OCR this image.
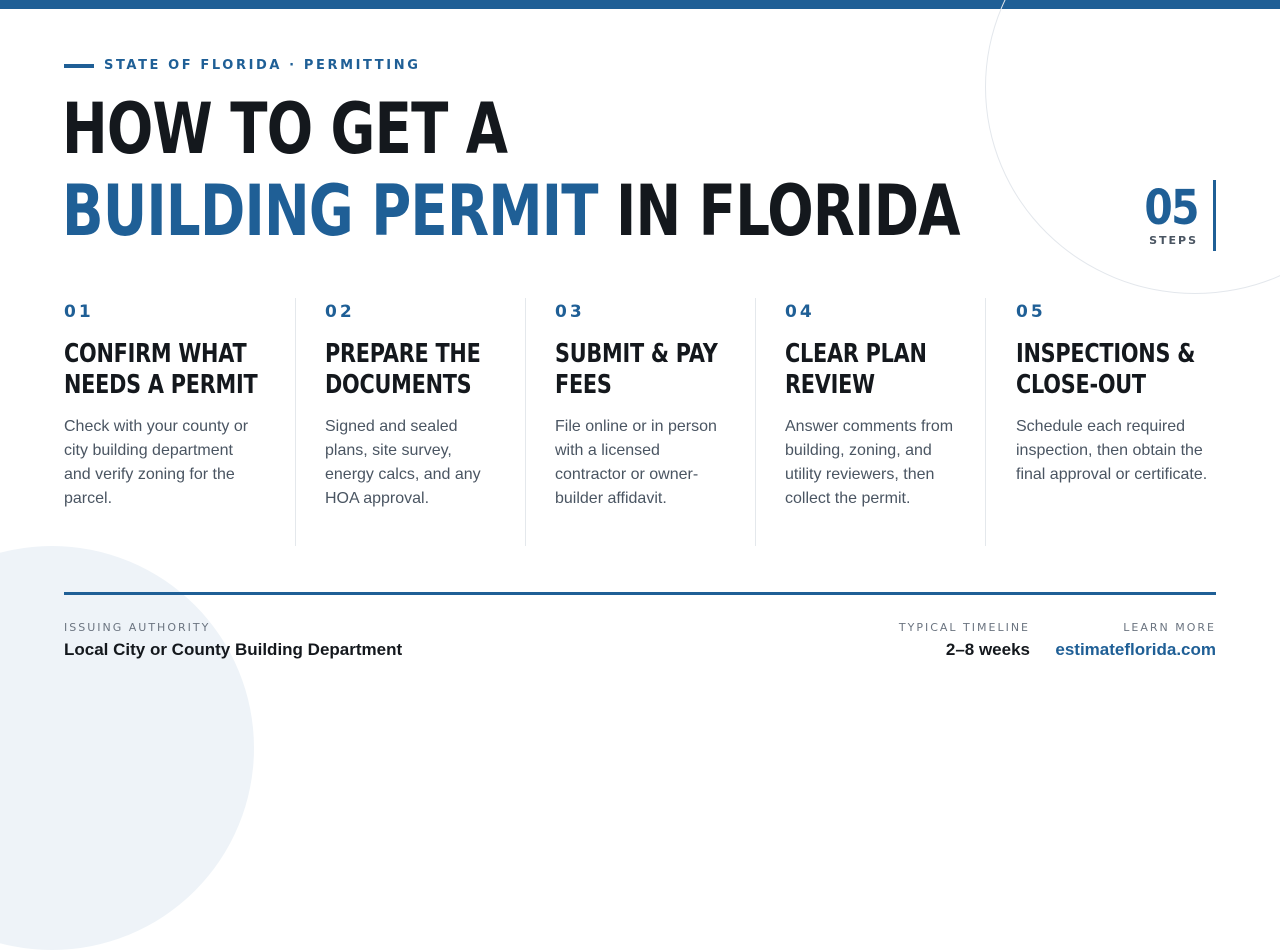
STATE OF FLORIDA · PERMITTING
HOW TO GET A
BUILDING PERMIT IN FLORIDA	05
STEPS
01
CONFIRM WHAT
NEEDS A PERMIT
Check with your county or
city building department
and verify zoning for the
parcel.
02
PREPARE THE
DOCUMENTS
Signed and sealed
plans, site survey,
energy calcs, and any
HOA approval.
03
SUBMIT & PAY
FEES
File online or in person
with a licensed
contractor or owner-
builder affidavit.
04
CLEAR PLAN
REVIEW
Answer comments from
building, zoning, and
utility reviewers, then
collect the permit.
05
INSPECTIONS &
CLOSE-OUT
Schedule each required
inspection, then obtain the
final approval or certificate.
ISSUING AUTHORITY
Local City or County Building Department
TYPICAL TIMELINE
2–8 weeks
LEARN MORE
estimateflorida.com
